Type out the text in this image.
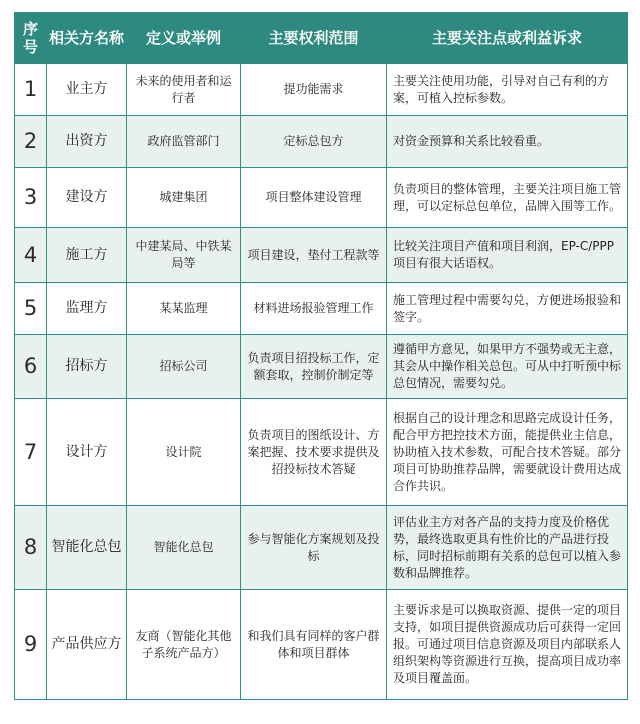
序号	相关方名称	定义或举例	主要权利范围	主要关注点或利益诉求
1	业主方	未来的使用者和运行者	提功能需求	主要关注使用功能，引导对自己有利的方案，可植入控标参数。
2	出资方	政府监管部门	定标总包方	对资金预算和关系比较看重。
3	建设方	城建集团	项目整体建设管理	负责项目的整体管理，主要关注项目施工管理，可以定标总包单位，品牌入围等工作。
4	施工方	中建某局、中铁某局等	项目建设，垫付工程款等	比较关注项目产值和项目利润，EP-C/PPP项目有很大话语权。
5	监理方	某某监理	材料进场报验管理工作	施工管理过程中需要勾兑，方便进场报验和签字。
6	招标方	招标公司	负责项目招投标工作，定额套取，控制价制定等	遵循甲方意见，如果甲方不强势或无主意，其会从中操作相关总包。可从中打听预中标总包情况，需要勾兑。
7	设计方	设计院	负责项目的图纸设计、方案把握、技术要求提供及招投标技术答疑	根据自己的设计理念和思路完成设计任务，配合甲方把控技术方面，能提供业主信息，协助植入技术参数，可配合技术答疑。部分项目可协助推荐品牌，需要就设计费用达成合作共识。
8	智能化总包	智能化总包	参与智能化方案规划及投标	评估业主方对各产品的支持力度及价格优势，最终选取更具有性价比的产品进行投标，同时招标前期有关系的总包可以植入参数和品牌推荐。
9	产品供应方	友商（智能化其他子系统产品方）	和我们具有同样的客户群体和项目群体	主要诉求是可以换取资源、提供一定的项目支持，如项目提供资源成功后可获得一定回报。可通过项目信息资源及项目内部联系人组织架构等资源进行互换，提高项目成功率及项目覆盖面。
